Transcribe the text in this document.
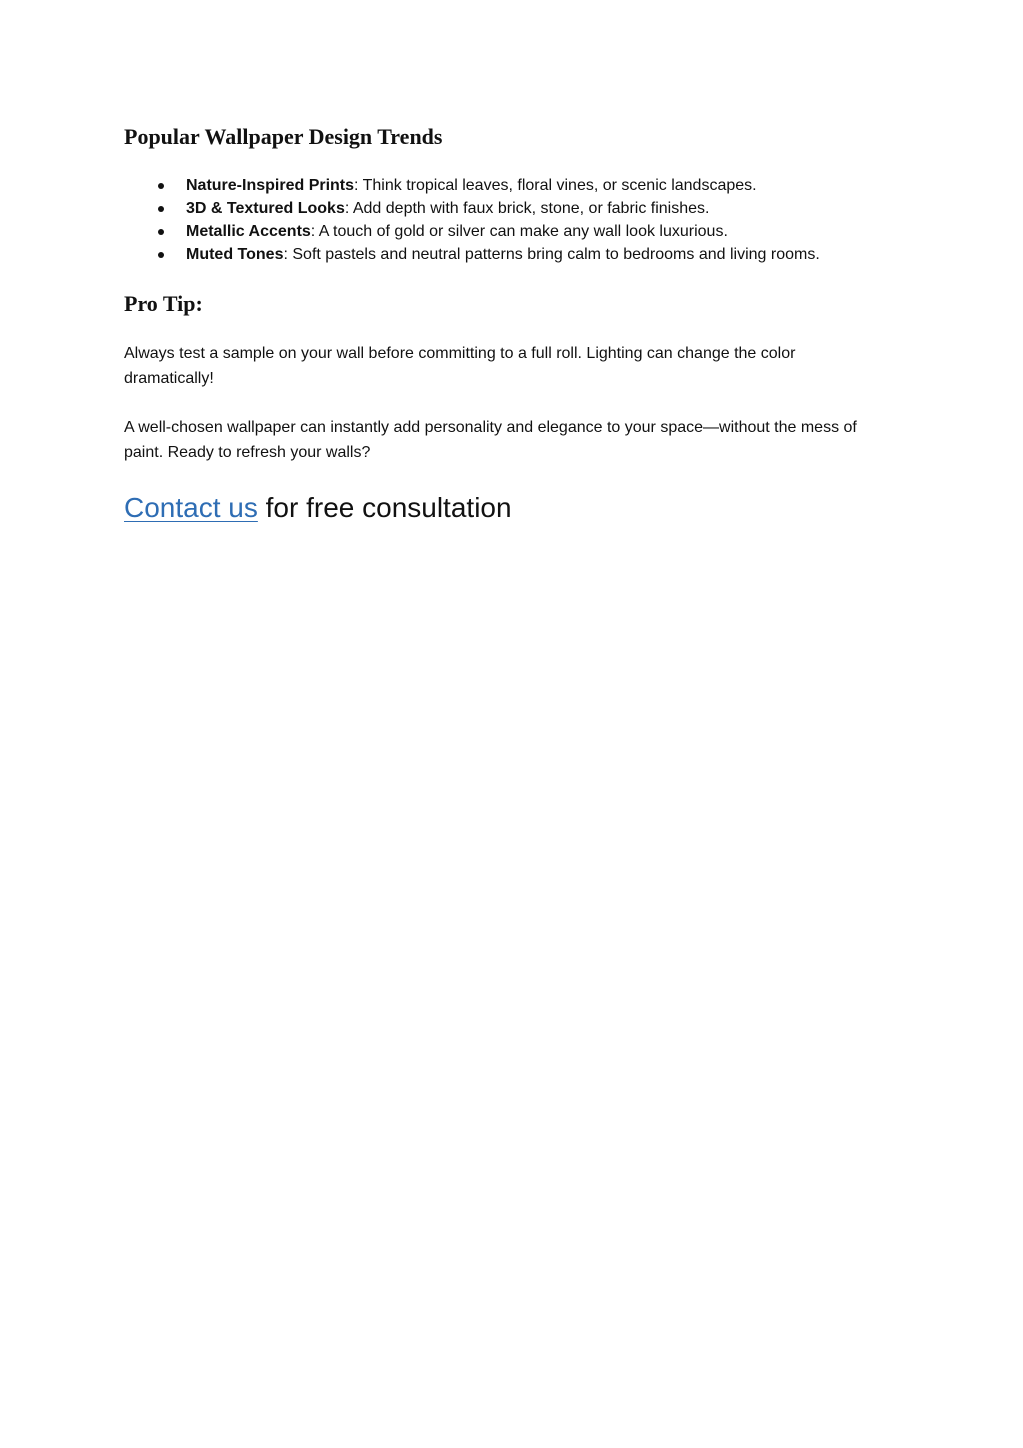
Popular Wallpaper Design Trends
Nature-Inspired Prints: Think tropical leaves, floral vines, or scenic landscapes.
3D & Textured Looks: Add depth with faux brick, stone, or fabric finishes.
Metallic Accents: A touch of gold or silver can make any wall look luxurious.
Muted Tones: Soft pastels and neutral patterns bring calm to bedrooms and living rooms.
Pro Tip:

Always test a sample on your wall before committing to a full roll. Lighting can change the color dramatically!

A well-chosen wallpaper can instantly add personality and elegance to your space—without the mess of paint. Ready to refresh your walls?

Contact us for free consultation
